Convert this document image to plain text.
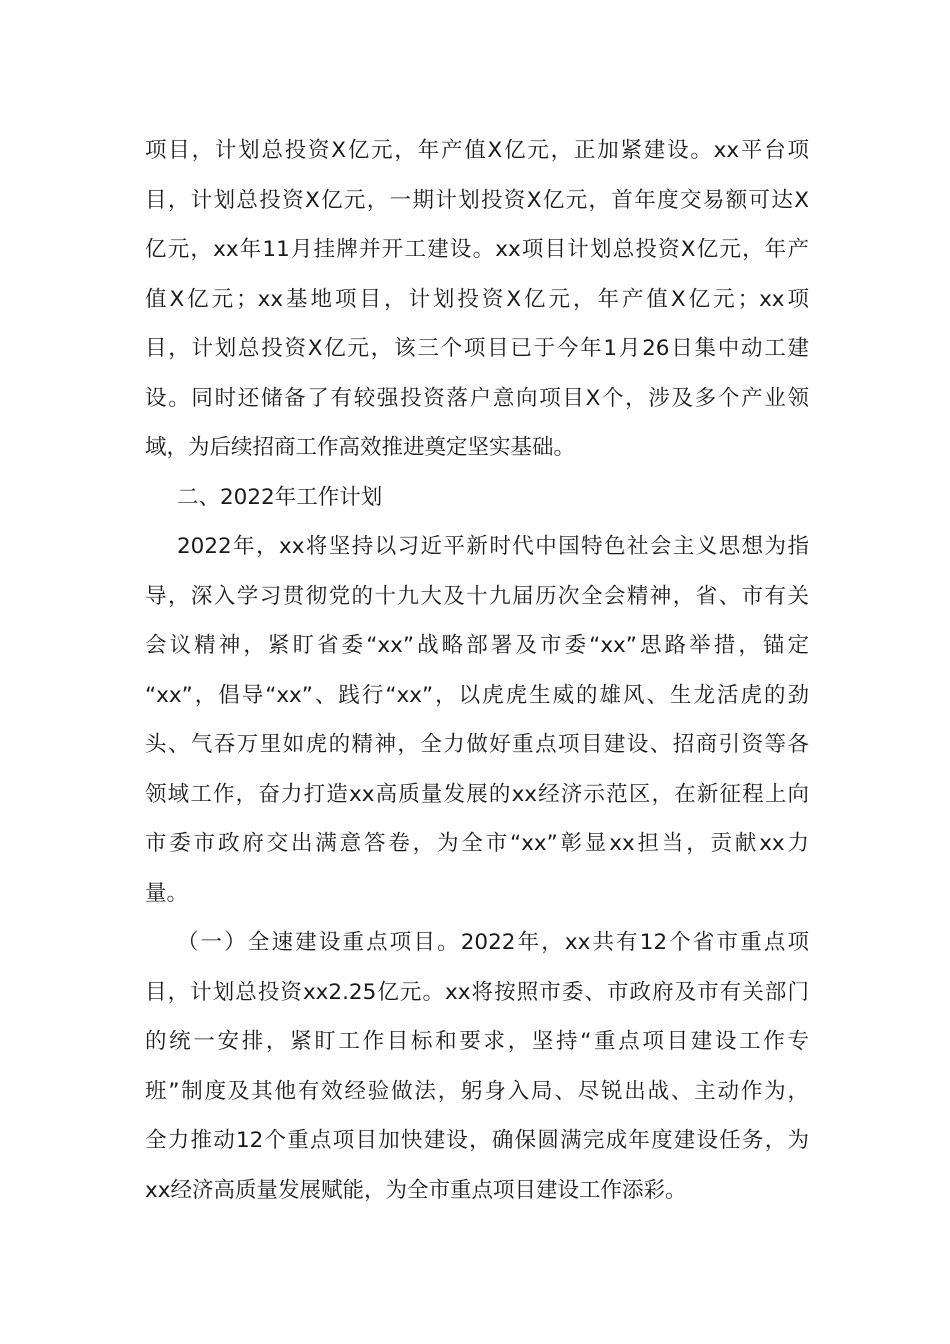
项目，计划总投资X亿元，年产值X亿元，正加紧建设。xx平台项
目，计划总投资X亿元，一期计划投资X亿元，首年度交易额可达X
亿元，xx年11月挂牌并开工建设。xx项目计划总投资X亿元，年产
值X亿元；xx基地项目，计划投资X亿元，年产值X亿元；xx项
目，计划总投资X亿元，该三个项目已于今年1月26日集中动工建
设。同时还储备了有较强投资落户意向项目X个，涉及多个产业领
域，为后续招商工作高效推进奠定坚实基础。
二、2022年工作计划
2022年，xx将坚持以习近平新时代中国特色社会主义思想为指
导，深入学习贯彻党的十九大及十九届历次全会精神，省、市有关
会议精神，紧盯省委“xx”战略部署及市委“xx”思路举措，锚定
“xx”，倡导“xx”、践行“xx”，以虎虎生威的雄风、生龙活虎的劲
头、气吞万里如虎的精神，全力做好重点项目建设、招商引资等各
领域工作，奋力打造xx高质量发展的xx经济示范区，在新征程上向
市委市政府交出满意答卷，为全市“xx”彰显xx担当，贡献xx力
量。
（一）全速建设重点项目。2022年，xx共有12个省市重点项
目，计划总投资xx2.25亿元。xx将按照市委、市政府及市有关部门
的统一安排，紧盯工作目标和要求，坚持“重点项目建设工作专
班”制度及其他有效经验做法，躬身入局、尽锐出战、主动作为，
全力推动12个重点项目加快建设，确保圆满完成年度建设任务，为
xx经济高质量发展赋能，为全市重点项目建设工作添彩。
